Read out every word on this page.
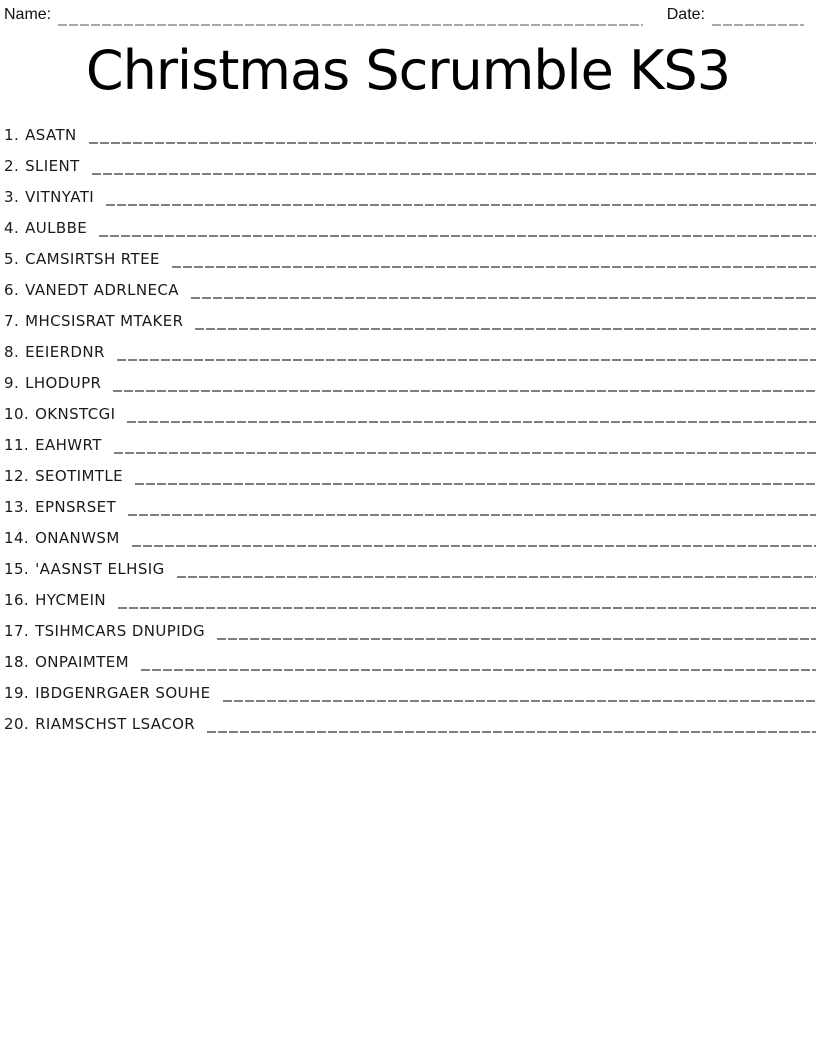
Name:	Date:
Christmas Scrumble KS3
1. ASATN
2. SLIENT
3. VITNYATI
4. AULBBE
5. CAMSIRTSH RTEE
6. VANEDT ADRLNECA
7. MHCSISRAT MTAKER
8. EEIERDNR
9. LHODUPR
10. OKNSTCGI
11. EAHWRT
12. SEOTIMTLE
13. EPNSRSET
14. ONANWSM
15. 'AASNST ELHSIG
16. HYCMEIN
17. TSIHMCARS DNUPIDG
18. ONPAIMTEM
19. IBDGENRGAER SOUHE
20. RIAMSCHST LSACOR
